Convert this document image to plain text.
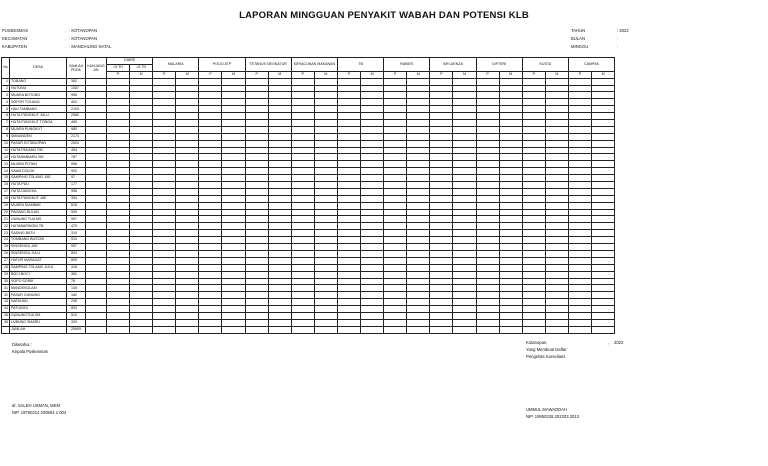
LAPORAN MINGGUAN PENYAKIT WABAH DAN POTENSI KLB
PUSKESMAS	: KOTANOPAN
KECAMATAN	: KOTANOPAN
KABUPATEN	: MANDAILING NATAL
TAHUN	: 2022
BULAN	:
MINGGU	:
No	DESA	JUMLAH PDDK	KUNJUNG AN	DIARE		MALARIA		POLIO ATP		TETANUS NEONATUR		KERACUNAN MAKANAN		TB		RABIES		INFLUENZA		DIFTERI		KUSTA		CAMPAK	
				<5 TH	>5 TH																				
				P	M	P	M	P	M	P	M	P	M	P	M	P	M	P	M	P	M	P	M	P	M
1	TOBANG	382																							
2	HUTUNU	1087																							
3	MUARA BOTUNG	955																							
4	SOPOR TOLANG	402																							
5	HAU TAMBANG	2193																							
6	HUTA PUNGKUT JULU	2580																							
7	HUTA PUNGKUT TONGA	489																							
8	MUARA PUNGKUT	980																							
9	MANANDEN	2173																							
10	PASAR KOTANOPAN	2524																							
11	HUTA PADANG SM	454																							
12	HUTARIMBARU SM	787																							
13	MUARA POTAN	598																							
14	SAWA DOLOK	902																							
15	SAMPING TOLANG JAE	97																							
16	HUTA PUU	177																							
17	HUTA DANGKA	956																							
18	HUTA PUNGKUT JAE	394																							
19	MUARA SIAMBAK	626																							
20	PADANG BULAN	559																							
21	GUNUNG TUA MS	597																							
22	HUTABARINGIN TB	479																							
23	SADING BATU	310																							
24	TOMBANG BUSTAK	910																							
25	SINGENGU JAE	957																							
26	SINGENGU JULU	804																							
27	HATUR MARAGAT	809																							
28	SAMPING TOLANG JULU	416																							
29	BOCI BOCI	362																							
30	SOPO SORIK	76																							
31	MANDESOLAM	135																							
32	PASAR GUNUNG	182																							
33	NATAHAN	298																							
34	PATUNGU	853																							
35	GUNUNGTUA SM	510																							
36	LUBUNG SMARU	329																							
	JUMLAH	25905																							
Diketahui :
Kepala Puskesmas
dr. SALEH USMAN, MKM
NIP. 19750314 200604 1 004
Kotanopan,	, 2022
Yang Membuat Daftar
Pengelola Surveilans
UMMUL MAWADDAH
NIP. 19950228 202203 2013
